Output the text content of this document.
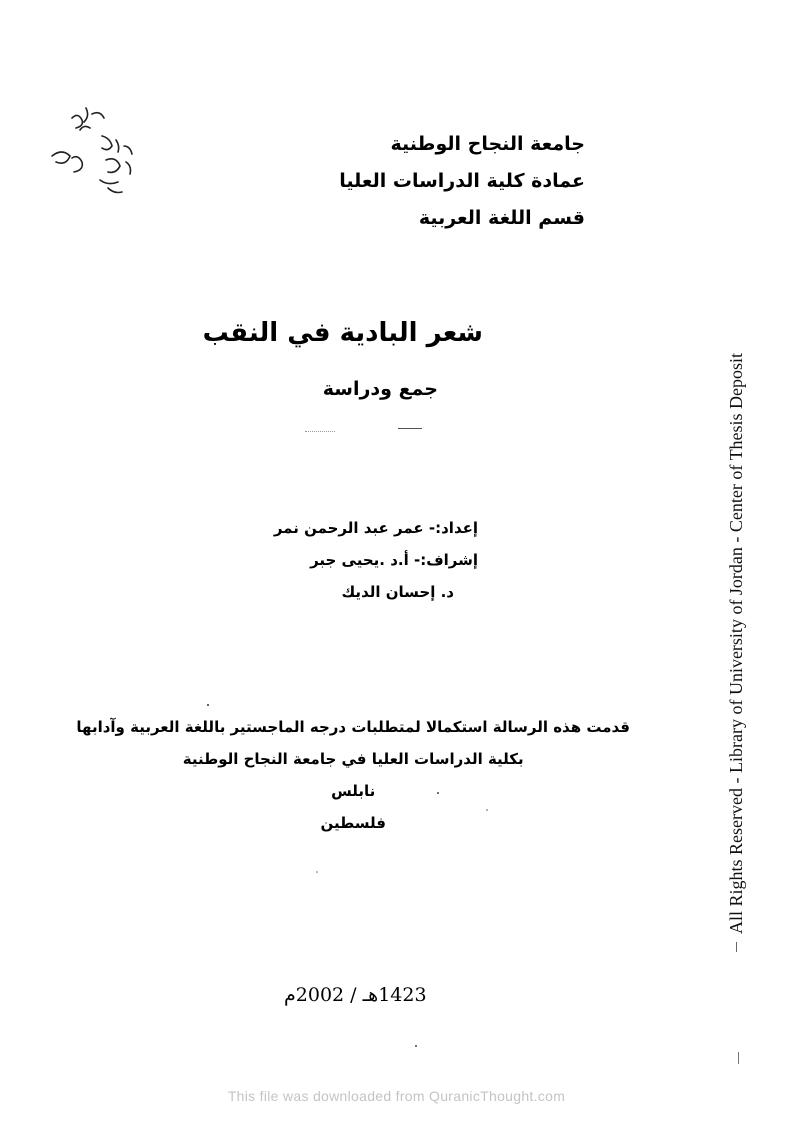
جامعة النجاح الوطنية
عمادة كلية الدراسات العليا
قسم اللغة العربية
شعر البادية في النقب
جمع ودراسة
إعداد:- عمر عبد الرحمن نمر
إشراف:- أ.د .يحيى جبر
د. إحسان الديك
قدمت هذه الرسالة استكمالا لمتطلبات درجه الماجستير باللغة العربية وآدابها
بكلية الدراسات العليا في جامعة النجاح الوطنية
نابلس
فلسطين
1423هـ / 2002م
All Rights Reserved - Library of University of Jordan - Center of Thesis Deposit
This file was downloaded from QuranicThought.com
